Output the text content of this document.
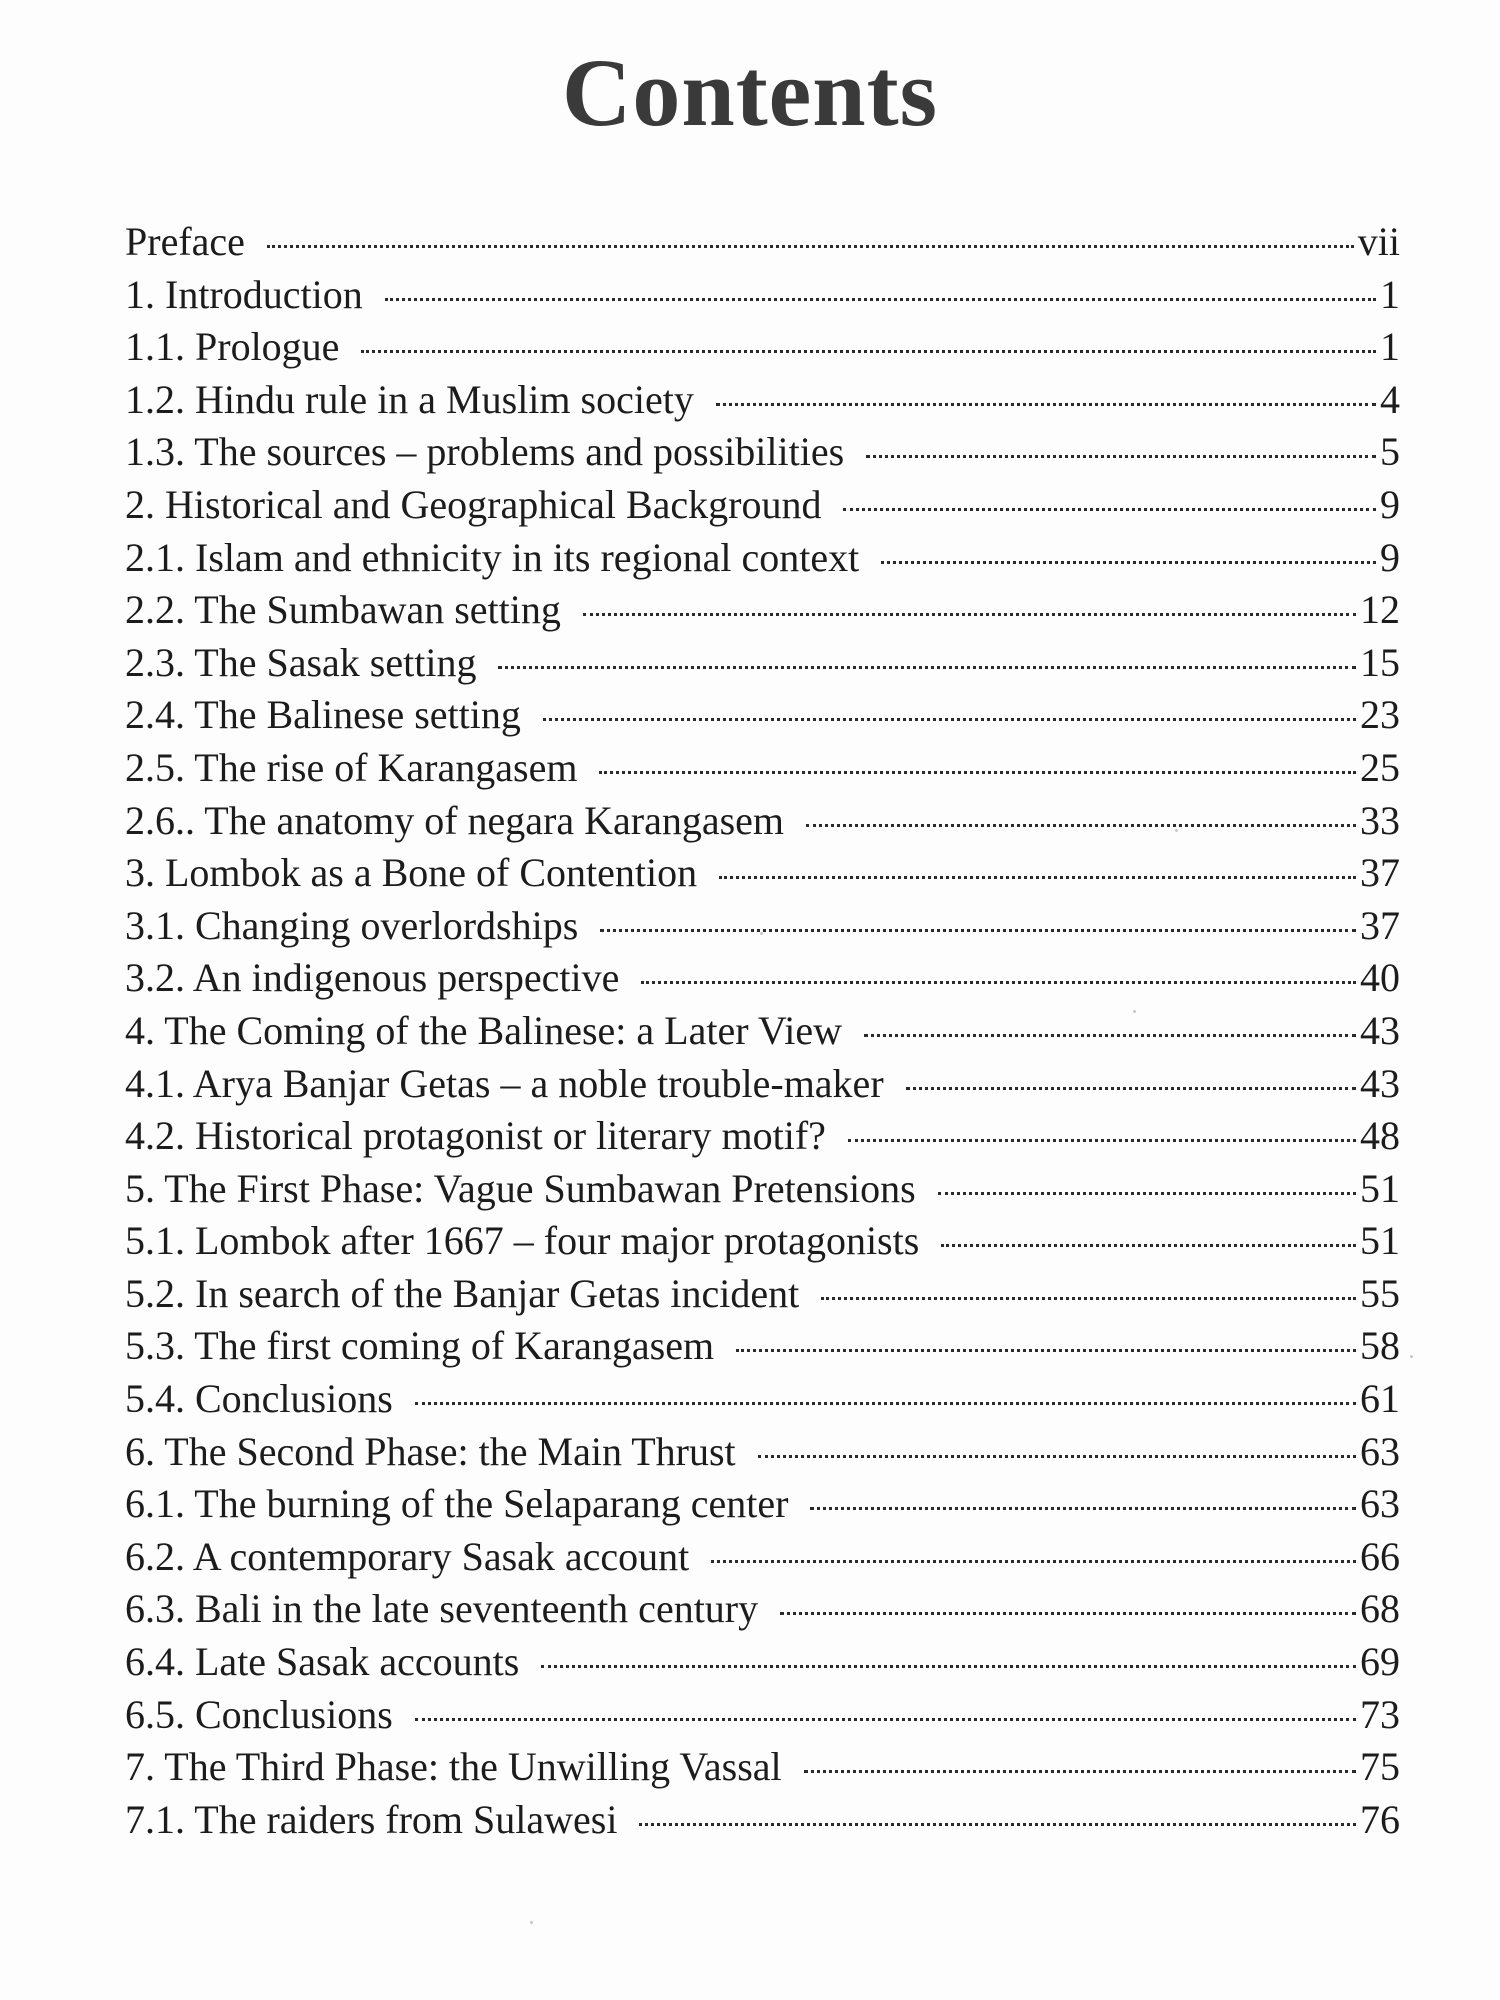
Contents
Preface	vii
1. Introduction	1
1.1. Prologue	1
1.2. Hindu rule in a Muslim society	4
1.3. The sources – problems and possibilities	5
2. Historical and Geographical Background	9
2.1. Islam and ethnicity in its regional context	9
2.2. The Sumbawan setting	12
2.3. The Sasak setting	15
2.4. The Balinese setting	23
2.5. The rise of Karangasem	25
2.6.. The anatomy of negara Karangasem	33
3. Lombok as a Bone of Contention	37
3.1. Changing overlordships	37
3.2. An indigenous perspective	40
4. The Coming of the Balinese: a Later View	43
4.1. Arya Banjar Getas – a noble trouble-maker	43
4.2. Historical protagonist or literary motif?	48
5. The First Phase: Vague Sumbawan Pretensions	51
5.1. Lombok after 1667 – four major protagonists	51
5.2. In search of the Banjar Getas incident	55
5.3. The first coming of Karangasem	58
5.4. Conclusions	61
6. The Second Phase: the Main Thrust	63
6.1. The burning of the Selaparang center	63
6.2. A contemporary Sasak account	66
6.3. Bali in the late seventeenth century	68
6.4. Late Sasak accounts	69
6.5. Conclusions	73
7. The Third Phase: the Unwilling Vassal	75
7.1. The raiders from Sulawesi	76
